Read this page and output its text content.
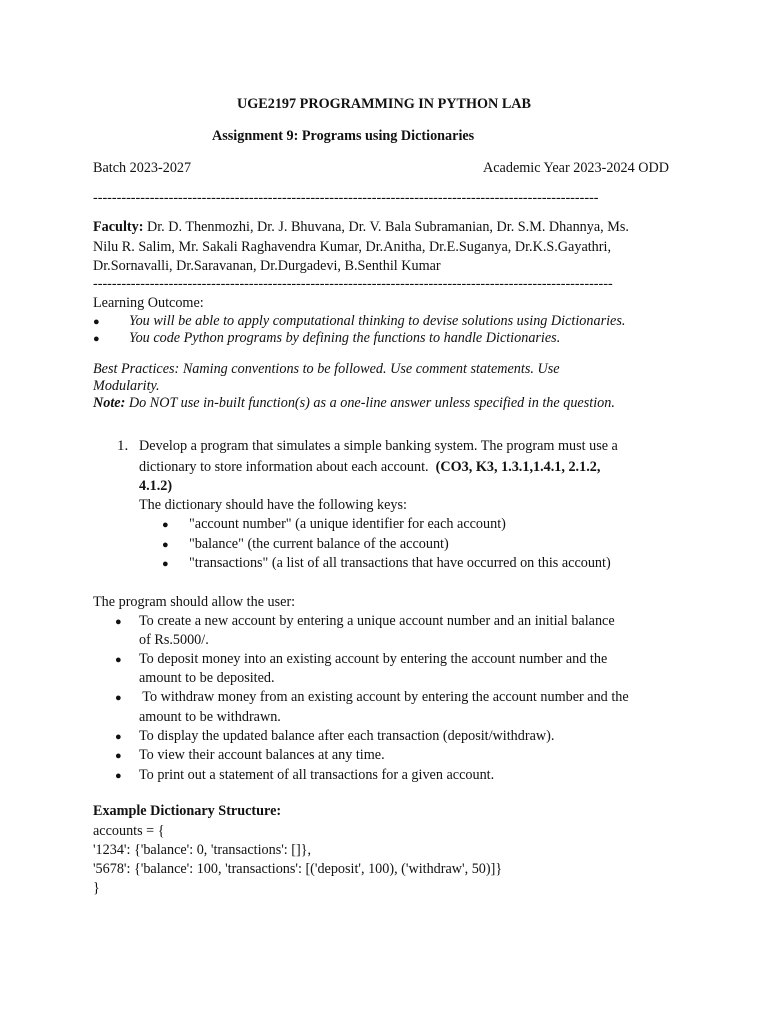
UGE2197 PROGRAMMING IN PYTHON LAB
Assignment 9: Programs using Dictionaries
Batch 2023-2027	Academic Year 2023-2024 ODD
-----------------------------------------------------------------------------------------------------------
Faculty: Dr. D. Thenmozhi, Dr. J. Bhuvana, Dr. V. Bala Subramanian, Dr. S.M. Dhannya, Ms.
Nilu R. Salim, Mr. Sakali Raghavendra Kumar, Dr.Anitha, Dr.E.Suganya, Dr.K.S.Gayathri,
Dr.Sornavalli, Dr.Saravanan, Dr.Durgadevi, B.Senthil Kumar
--------------------------------------------------------------------------------------------------------------
Learning Outcome:
● You will be able to apply computational thinking to devise solutions using Dictionaries.
● You code Python programs by defining the functions to handle Dictionaries.
Best Practices: Naming conventions to be followed. Use comment statements. Use
Modularity.
Note: Do NOT use in-built function(s) as a one-line answer unless specified in the question.
1. Develop a program that simulates a simple banking system. The program must use a
dictionary to store information about each account. (CO3, K3, 1.3.1,1.4.1, 2.1.2,
4.1.2)
The dictionary should have the following keys:
● "account number" (a unique identifier for each account)
● "balance" (the current balance of the account)
● "transactions" (a list of all transactions that have occurred on this account)
The program should allow the user:
● To create a new account by entering a unique account number and an initial balance
of Rs.5000/.
● To deposit money into an existing account by entering the account number and the
amount to be deposited.
● To withdraw money from an existing account by entering the account number and the
amount to be withdrawn.
● To display the updated balance after each transaction (deposit/withdraw).
● To view their account balances at any time.
● To print out a statement of all transactions for a given account.
Example Dictionary Structure:
accounts = {
'1234': {'balance': 0, 'transactions': []},
'5678': {'balance': 100, 'transactions': [('deposit', 100), ('withdraw', 50)]}
}
